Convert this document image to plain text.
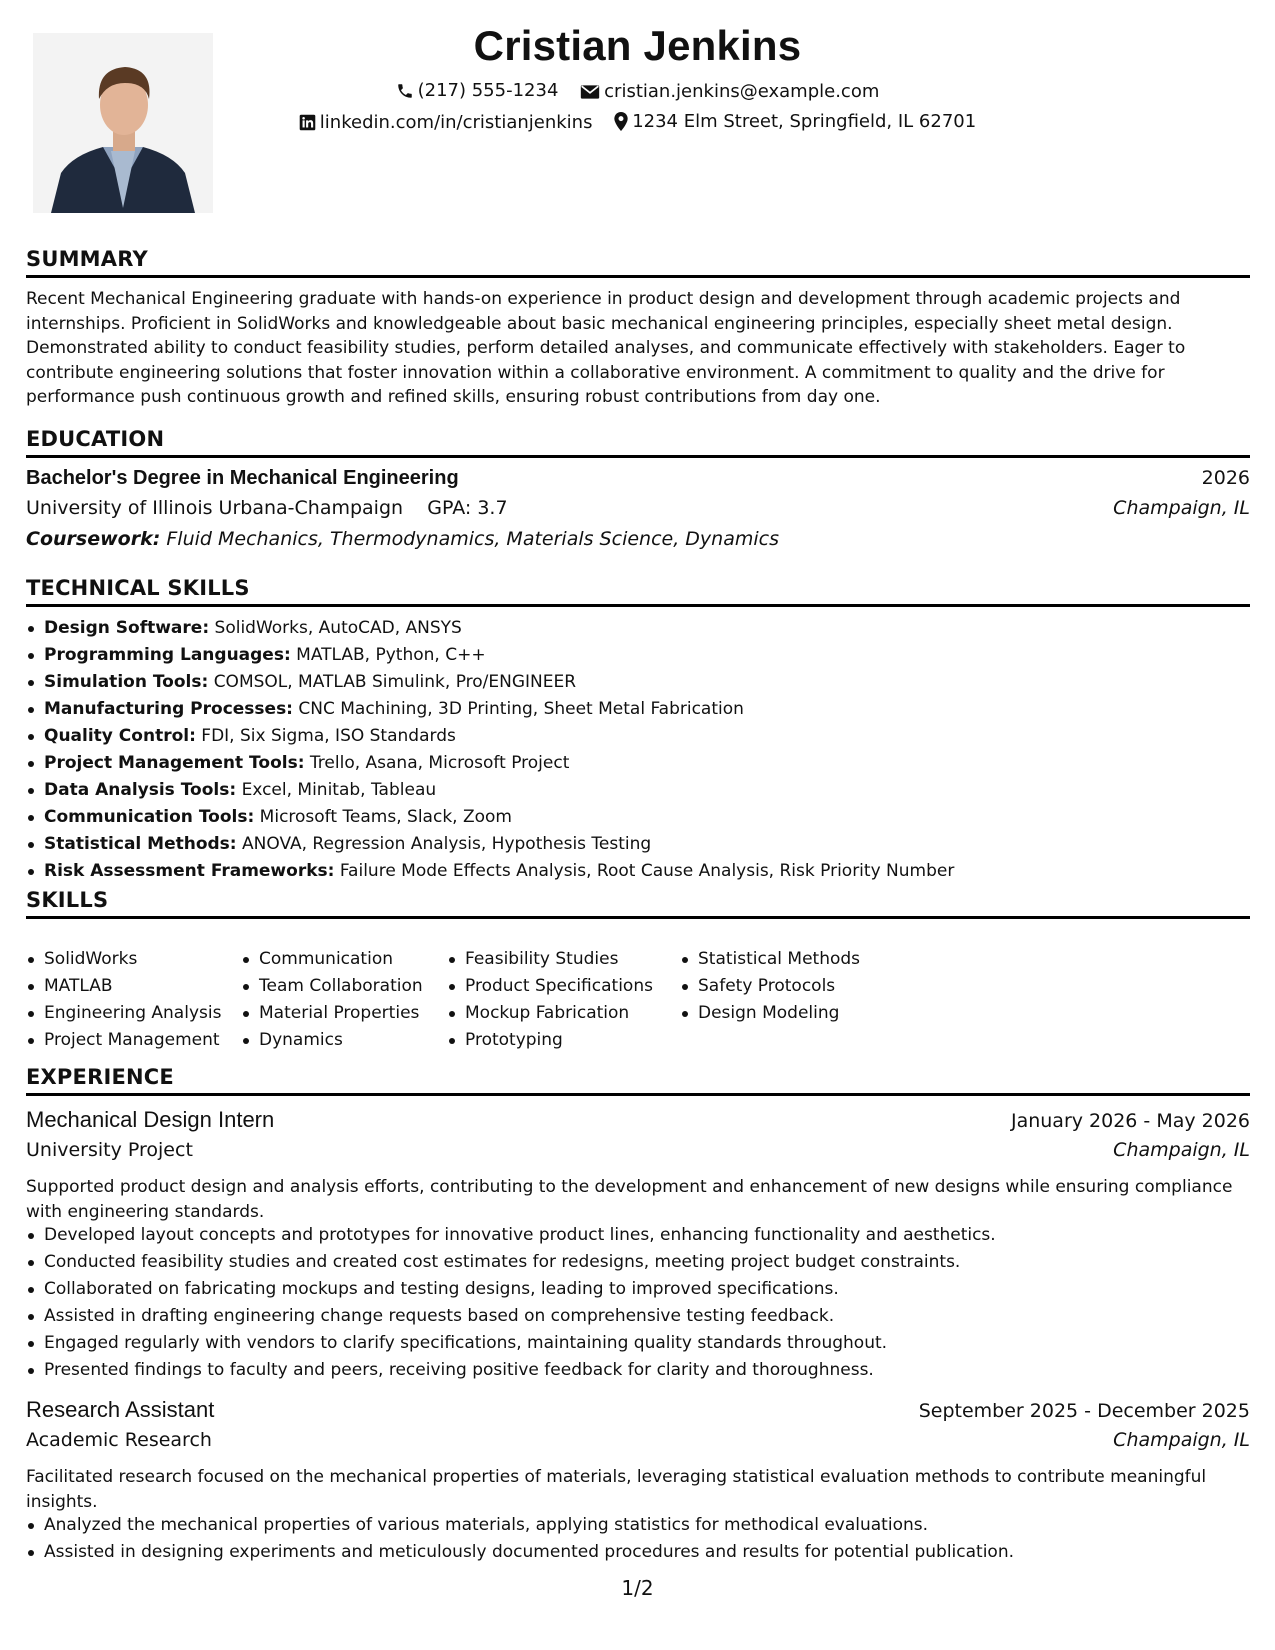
Cristian Jenkins
(217) 555-1234
	cristian.jenkins@example.com
linkedin.com/in/cristianjenkins
1234 Elm Street, Springfield, IL 62701
SUMMARY
Recent Mechanical Engineering graduate with hands-on experience in product design and development through academic projects and internships. Proficient in SolidWorks and knowledgeable about basic mechanical engineering principles, especially sheet metal design. Demonstrated ability to conduct feasibility studies, perform detailed analyses, and communicate effectively with stakeholders. Eager to contribute engineering solutions that foster innovation within a collaborative environment. A commitment to quality and the drive for performance push continuous growth and refined skills, ensuring robust contributions from day one.
EDUCATION
Bachelor's Degree in Mechanical Engineering	2026
University of Illinois Urbana-Champaign GPA: 3.7	Champaign, IL
Coursework: Fluid Mechanics, Thermodynamics, Materials Science, Dynamics
TECHNICAL SKILLS
Design Software: SolidWorks, AutoCAD, ANSYS
Programming Languages: MATLAB, Python, C++
Simulation Tools: COMSOL, MATLAB Simulink, Pro/ENGINEER
Manufacturing Processes: CNC Machining, 3D Printing, Sheet Metal Fabrication
Quality Control: FDI, Six Sigma, ISO Standards
Project Management Tools: Trello, Asana, Microsoft Project
Data Analysis Tools: Excel, Minitab, Tableau
Communication Tools: Microsoft Teams, Slack, Zoom
Statistical Methods: ANOVA, Regression Analysis, Hypothesis Testing
Risk Assessment Frameworks: Failure Mode Effects Analysis, Root Cause Analysis, Risk Priority Number
SKILLS
SolidWorks
MATLAB
Engineering Analysis
Project Management
Communication
Team Collaboration
Material Properties
Dynamics
Feasibility Studies
Product Specifications
Mockup Fabrication
Prototyping
Statistical Methods
Safety Protocols
Design Modeling
EXPERIENCE
Mechanical Design Intern	January 2026 - May 2026
University Project	Champaign, IL
Supported product design and analysis efforts, contributing to the development and enhancement of new designs while ensuring compliance with engineering standards.
Developed layout concepts and prototypes for innovative product lines, enhancing functionality and aesthetics.
Conducted feasibility studies and created cost estimates for redesigns, meeting project budget constraints.
Collaborated on fabricating mockups and testing designs, leading to improved specifications.
Assisted in drafting engineering change requests based on comprehensive testing feedback.
Engaged regularly with vendors to clarify specifications, maintaining quality standards throughout.
Presented findings to faculty and peers, receiving positive feedback for clarity and thoroughness.
Research Assistant	September 2025 - December 2025
Academic Research	Champaign, IL
Facilitated research focused on the mechanical properties of materials, leveraging statistical evaluation methods to contribute meaningful insights.
Analyzed the mechanical properties of various materials, applying statistics for methodical evaluations.
Assisted in designing experiments and meticulously documented procedures and results for potential publication.
1/2
